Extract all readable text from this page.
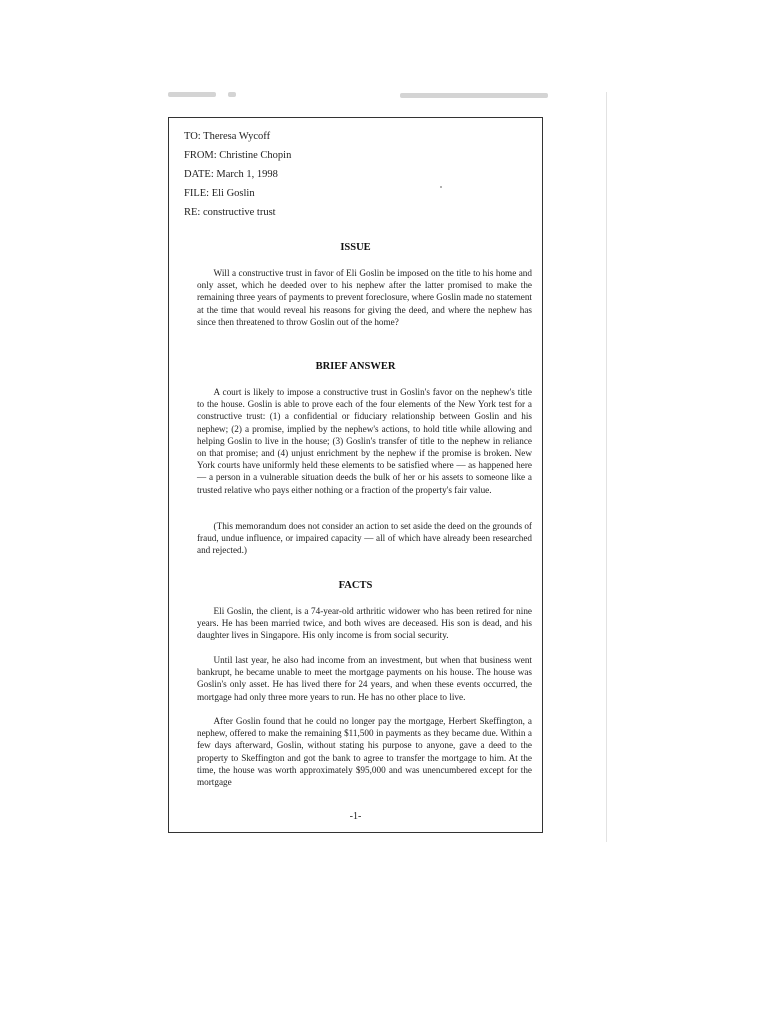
TO: Theresa Wycoff
FROM: Christine Chopin
DATE: March 1, 1998
FILE: Eli Goslin
RE: constructive trust
ISSUE

Will a constructive trust in favor of Eli Goslin be imposed on the title to his home and only asset, which he deeded over to his nephew after the latter promised to make the remaining three years of payments to prevent foreclosure, where Goslin made no statement at the time that would reveal his reasons for giving the deed, and where the nephew has since then threatened to throw Goslin out of the home?

BRIEF ANSWER

A court is likely to impose a constructive trust in Goslin's favor on the nephew's title to the house. Goslin is able to prove each of the four elements of the New York test for a constructive trust: (1) a confidential or fiduciary relationship between Goslin and his nephew; (2) a promise, implied by the nephew's actions, to hold title while allowing and helping Goslin to live in the house; (3) Goslin's transfer of title to the nephew in reliance on that promise; and (4) unjust enrichment by the nephew if the promise is broken. New York courts have uniformly held these elements to be satisfied where — as happened here — a person in a vulnerable situation deeds the bulk of her or his assets to someone like a trusted relative who pays either nothing or a fraction of the property's fair value.

(This memorandum does not consider an action to set aside the deed on the grounds of fraud, undue influence, or impaired capacity — all of which have already been researched and rejected.)

FACTS

Eli Goslin, the client, is a 74-year-old arthritic widower who has been retired for nine years. He has been married twice, and both wives are deceased. His son is dead, and his daughter lives in Singapore. His only income is from social security.

Until last year, he also had income from an investment, but when that business went bankrupt, he became unable to meet the mortgage payments on his house. The house was Goslin's only asset. He has lived there for 24 years, and when these events occurred, the mortgage had only three more years to run. He has no other place to live.

After Goslin found that he could no longer pay the mortgage, Herbert Skeffington, a nephew, offered to make the remaining $11,500 in payments as they became due. Within a few days afterward, Goslin, without stating his purpose to anyone, gave a deed to the property to Skeffington and got the bank to agree to transfer the mortgage to him. At the time, the house was worth approximately $95,000 and was unencumbered except for the mortgage

-1-
